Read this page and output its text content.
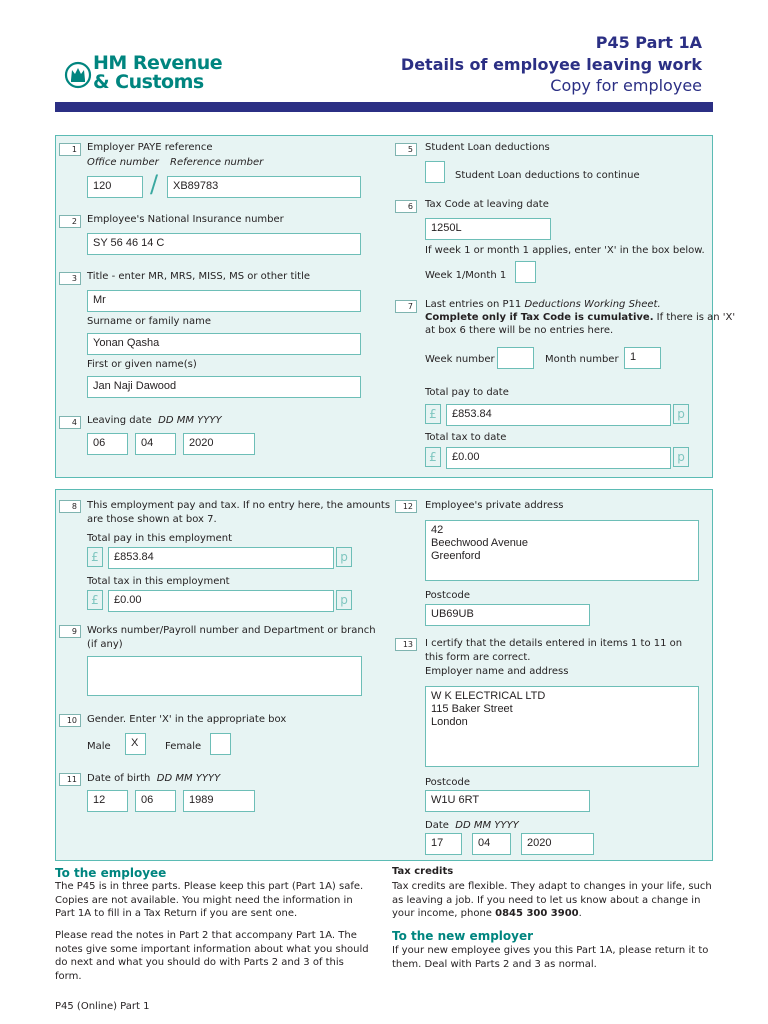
HM Revenue
& Customs
P45 Part 1A
Details of employee leaving work
Copy for employee
1	Employer PAYE reference
Office number Reference number
120	/	XB89783
2	Employee's National Insurance number
SY 56 46 14 C
3	Title - enter MR, MRS, MISS, MS or other title
Mr
Surname or family name
Yonan Qasha
First or given name(s)
Jan Naji Dawood
4	Leaving date DD MM YYYY
06	04	2020
5	Student Loan deductions
Student Loan deductions to continue
6	Tax Code at leaving date
1250L
If week 1 or month 1 applies, enter 'X' in the box below.
Week 1/Month 1
7	Last entries on P11 Deductions Working Sheet.
Complete only if Tax Code is cumulative. If there is an 'X'
at box 6 there will be no entries here.
Week number	Month number	1
Total pay to date
£	£853.84	p
Total tax to date
£	£0.00	p
8	This employment pay and tax. If no entry here, the amounts
are those shown at box 7.
Total pay in this employment
£	£853.84	p
Total tax in this employment
£	£0.00	p
9	Works number/Payroll number and Department or branch
(if any)
10	Gender. Enter 'X' in the appropriate box
Male	X	Female
11	Date of birth DD MM YYYY
12	06	1989
12	Employee's private address
42
Beechwood Avenue
Greenford
Postcode
UB69UB
13	I certify that the details entered in items 1 to 11 on
this form are correct.
Employer name and address
W K ELECTRICAL LTD
115 Baker Street
London
Postcode
W1U 6RT
Date DD MM YYYY
17	04	2020
To the employee
The P45 is in three parts. Please keep this part (Part 1A) safe. Copies are not available. You might need the information in Part 1A to fill in a Tax Return if you are sent one.
Please read the notes in Part 2 that accompany Part 1A. The notes give some important information about what you should do next and what you should do with Parts 2 and 3 of this form.
Tax credits
Tax credits are flexible. They adapt to changes in your life, such as leaving a job. If you need to let us know about a change in your income, phone 0845 300 3900.
To the new employer
If your new employee gives you this Part 1A, please return it to them. Deal with Parts 2 and 3 as normal.
P45 (Online) Part 1
